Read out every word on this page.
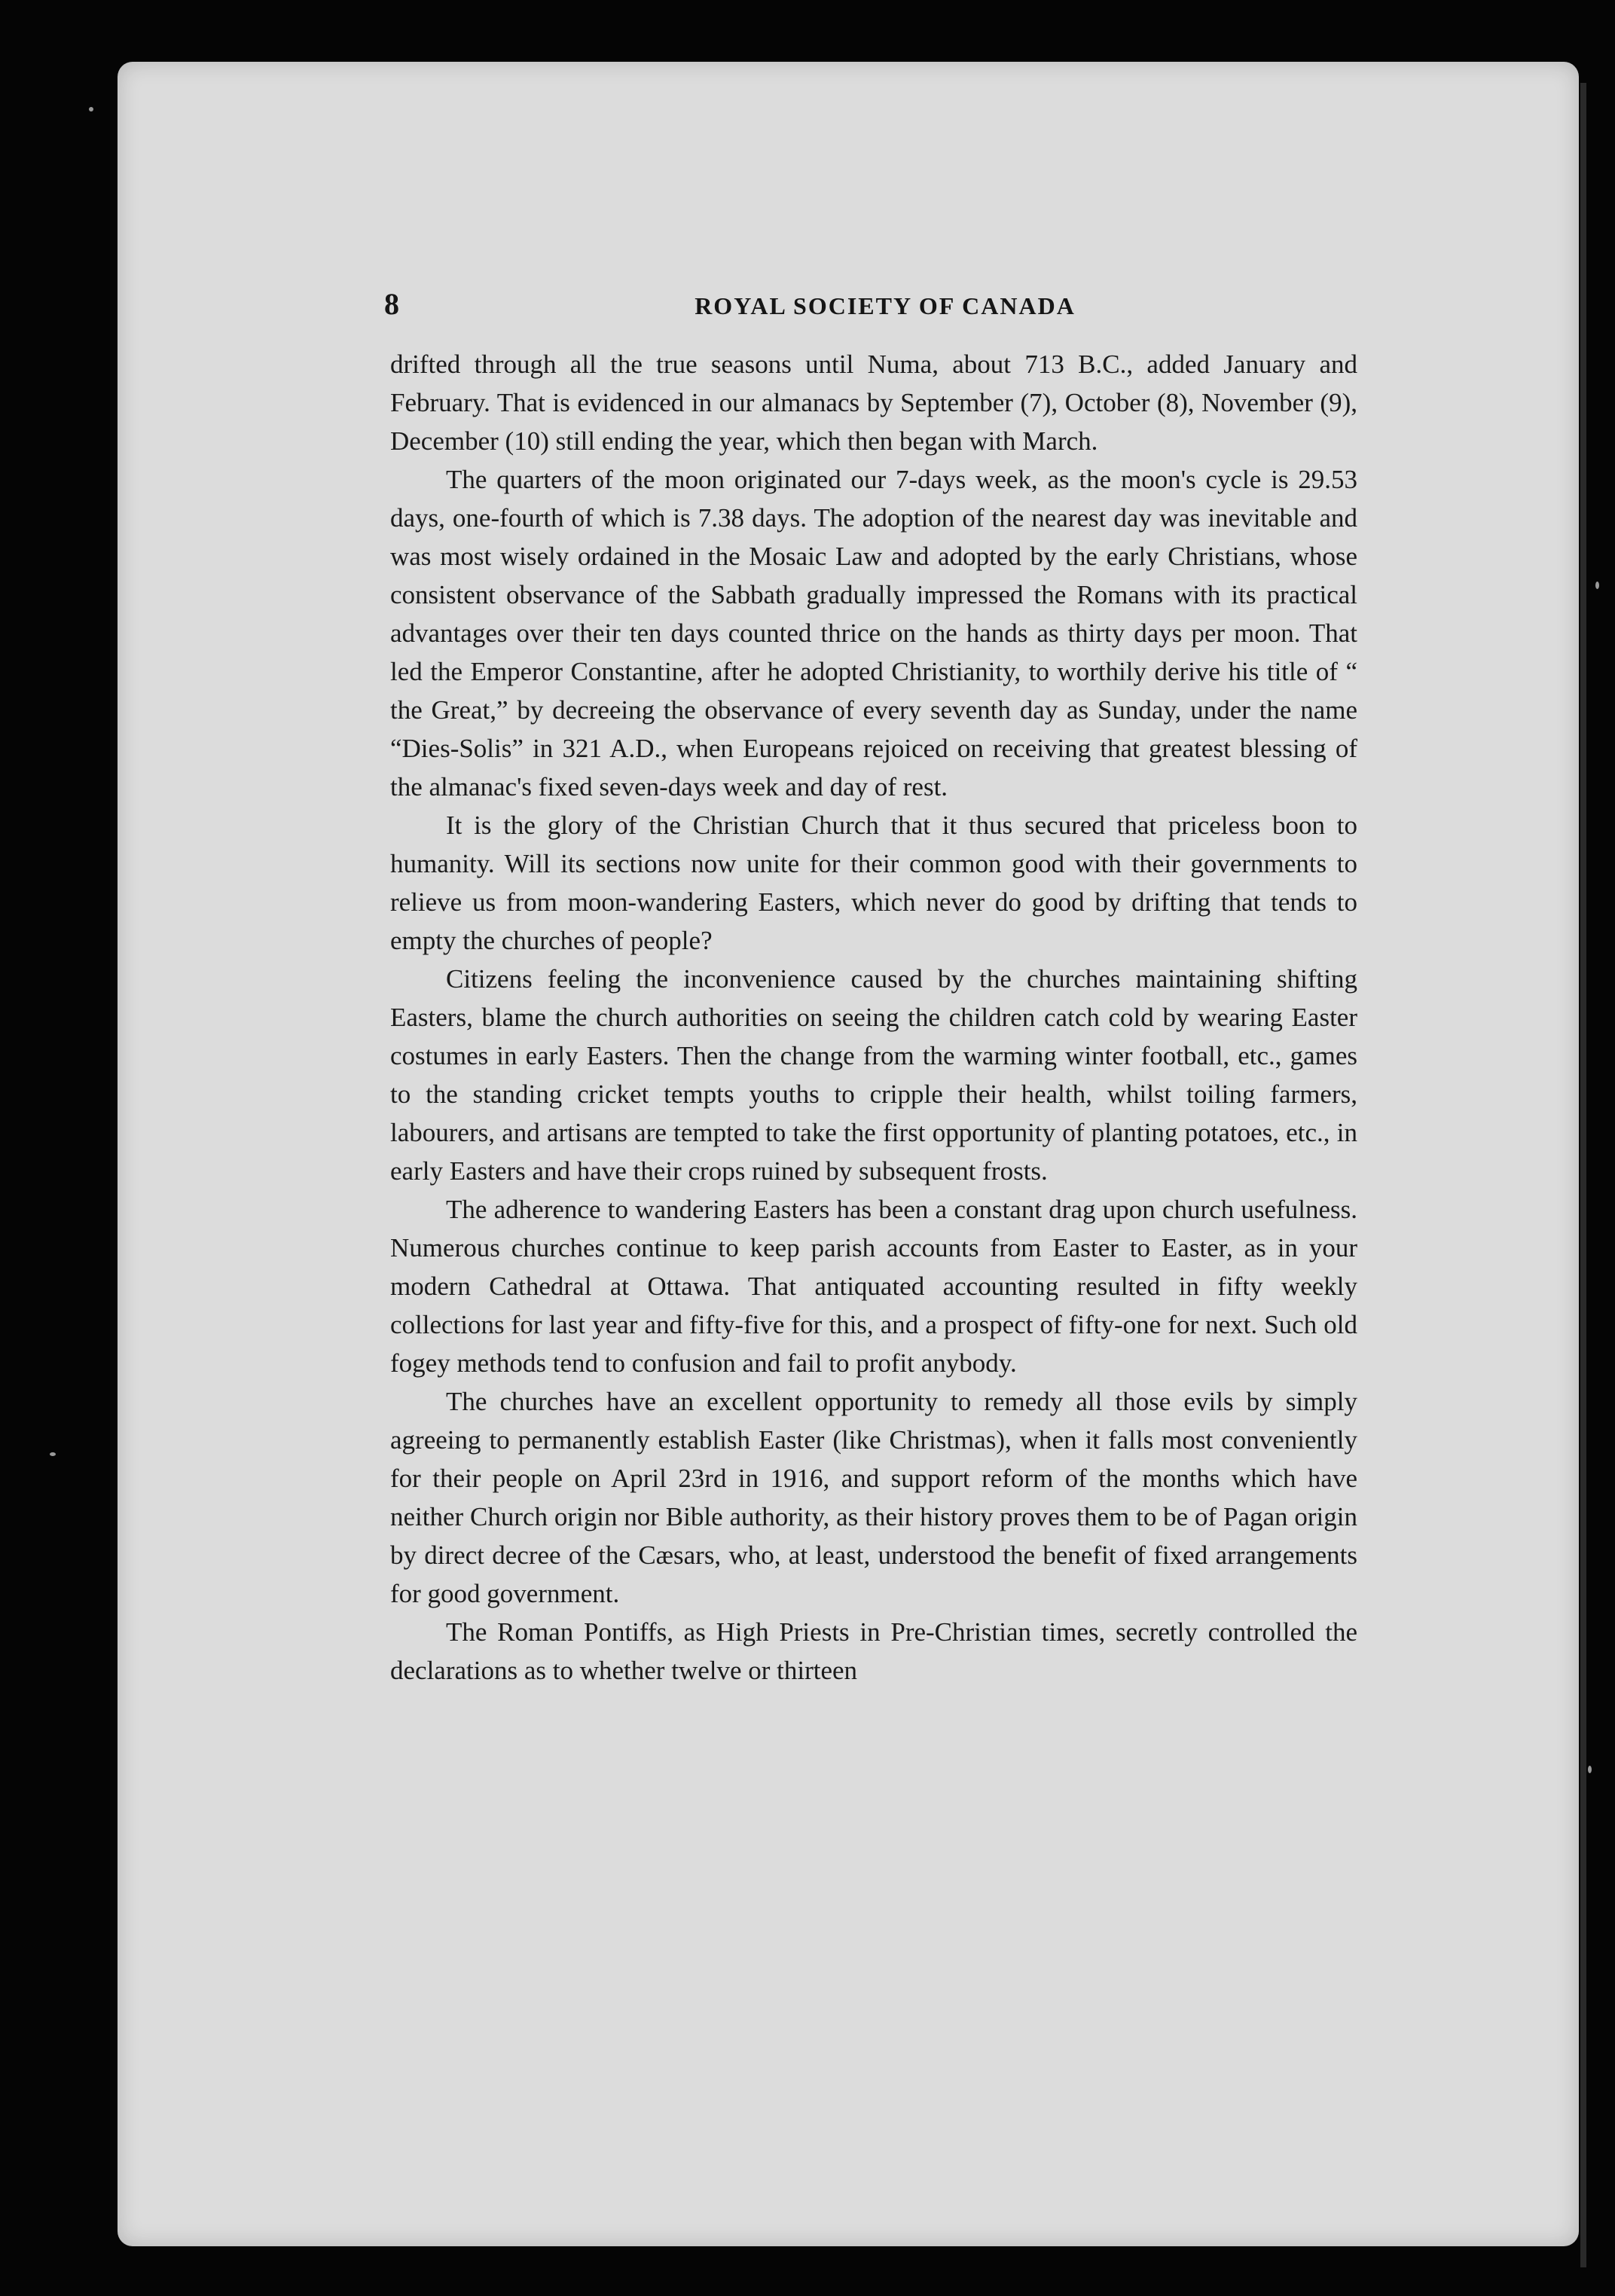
8	ROYAL SOCIETY OF CANADA

drifted through all the true seasons until Numa, about 713 B.C., added January and February. That is evidenced in our almanacs by September (7), October (8), November (9), December (10) still ending the year, which then began with March.

The quarters of the moon originated our 7-days week, as the moon's cycle is 29.53 days, one-fourth of which is 7.38 days. The adoption of the nearest day was inevitable and was most wisely ordained in the Mosaic Law and adopted by the early Christians, whose consistent observance of the Sabbath gradually impressed the Romans with its practical advantages over their ten days counted thrice on the hands as thirty days per moon. That led the Emperor Constantine, after he adopted Christianity, to worthily derive his title of “ the Great,” by decreeing the observance of every seventh day as Sunday, under the name “Dies-Solis” in 321 A.D., when Europeans rejoiced on receiving that greatest blessing of the almanac's fixed seven-days week and day of rest.

It is the glory of the Christian Church that it thus secured that priceless boon to humanity. Will its sections now unite for their common good with their governments to relieve us from moon-wandering Easters, which never do good by drifting that tends to empty the churches of people?

Citizens feeling the inconvenience caused by the churches maintaining shifting Easters, blame the church authorities on seeing the children catch cold by wearing Easter costumes in early Easters. Then the change from the warming winter football, etc., games to the standing cricket tempts youths to cripple their health, whilst toiling farmers, labourers, and artisans are tempted to take the first opportunity of planting potatoes, etc., in early Easters and have their crops ruined by subsequent frosts.

The adherence to wandering Easters has been a constant drag upon church usefulness. Numerous churches continue to keep parish accounts from Easter to Easter, as in your modern Cathedral at Ottawa. That antiquated accounting resulted in fifty weekly collections for last year and fifty-five for this, and a prospect of fifty-one for next. Such old fogey methods tend to confusion and fail to profit anybody.

The churches have an excellent opportunity to remedy all those evils by simply agreeing to permanently establish Easter (like Christmas), when it falls most conveniently for their people on April 23rd in 1916, and support reform of the months which have neither Church origin nor Bible authority, as their history proves them to be of Pagan origin by direct decree of the Cæsars, who, at least, understood the benefit of fixed arrangements for good government.

The Roman Pontiffs, as High Priests in Pre-Christian times, secretly controlled the declarations as to whether twelve or thirteen
